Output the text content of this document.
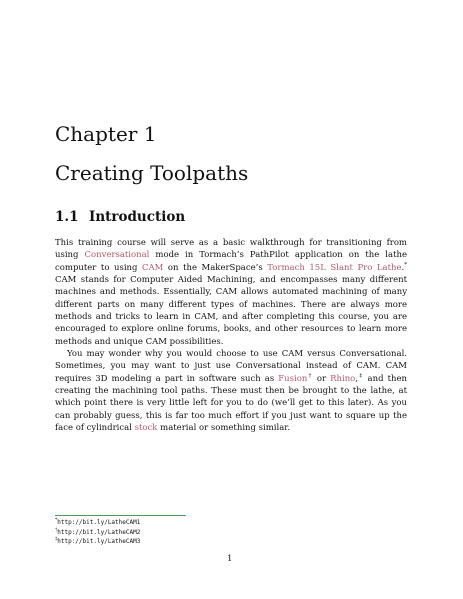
Chapter 1
Creating Toolpaths
1.1 Introduction

This training course will serve as a basic walkthrough for transitioning from using Conversational mode in Tormach’s PathPilot application on the lathe computer to using CAM on the MakerSpace’s Tormach 15L Slant Pro Lathe.* CAM stands for Computer Aided Machining, and encompasses many different machines and methods. Essentially, CAM allows automated machining of many different parts on many different types of machines. There are always more methods and tricks to learn in CAM, and after completing this course, you are encouraged to explore online forums, books, and other resources to learn more methods and unique CAM possibilities.

You may wonder why you would choose to use CAM versus Conversational. Sometimes, you may want to just use Conversational instead of CAM. CAM requires 3D modeling a part in software such as Fusion† or Rhino,‡ and then creating the machining tool paths. These must then be brought to the lathe, at which point there is very little left for you to do (we’ll get to this later). As you can probably guess, this is far too much effort if you just want to square up the face of cylindrical stock material or something similar.

*http://bit.ly/LatheCAM1
†http://bit.ly/LatheCAM2
‡http://bit.ly/LatheCAM3
1
